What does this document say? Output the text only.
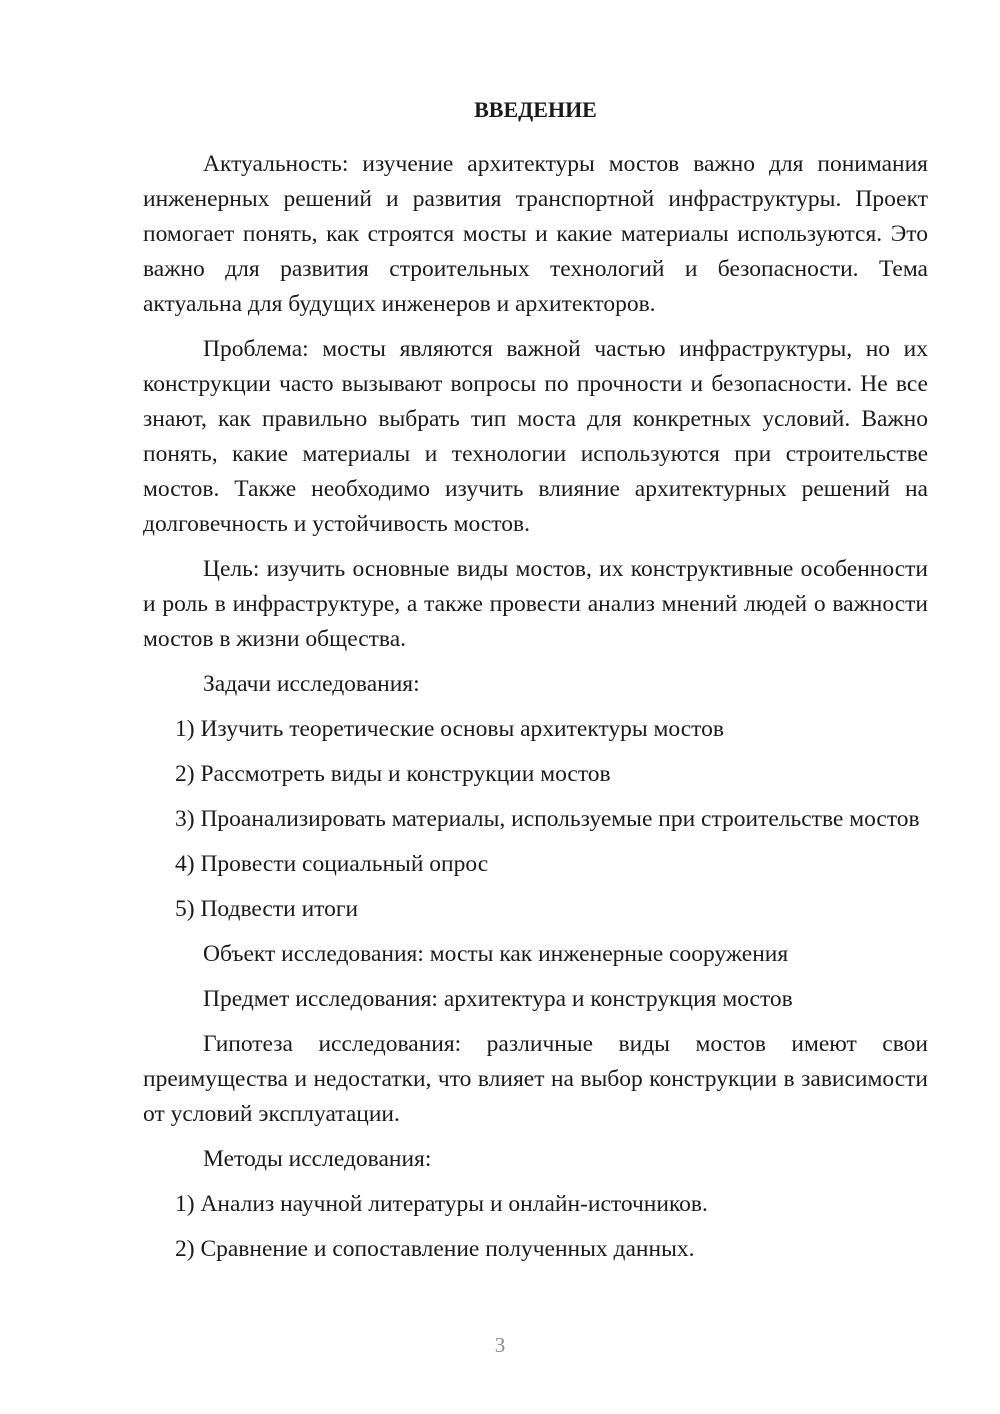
ВВЕДЕНИЕ

Актуальность: изучение архитектуры мостов важно для понимания инженерных решений и развития транспортной инфраструктуры. Проект помогает понять, как строятся мосты и какие материалы используются. Это важно для развития строительных технологий и безопасности. Тема актуальна для будущих инженеров и архитекторов.

Проблема: мосты являются важной частью инфраструктуры, но их конструкции часто вызывают вопросы по прочности и безопасности. Не все знают, как правильно выбрать тип моста для конкретных условий. Важно понять, какие материалы и технологии используются при строительстве мостов. Также необходимо изучить влияние архитектурных решений на долговечность и устойчивость мостов.

Цель: изучить основные виды мостов, их конструктивные особенности и роль в инфраструктуре, а также провести анализ мнений людей о важности мостов в жизни общества.

Задачи исследования:

1) Изучить теоретические основы архитектуры мостов

2) Рассмотреть виды и конструкции мостов

3) Проанализировать материалы, используемые при строительстве мостов

4) Провести социальный опрос

5) Подвести итоги

Объект исследования: мосты как инженерные сооружения

Предмет исследования: архитектура и конструкция мостов

Гипотеза исследования: различные виды мостов имеют свои преимущества и недостатки, что влияет на выбор конструкции в зависимости от условий эксплуатации.

Методы исследования:

1) Анализ научной литературы и онлайн-источников.

2) Сравнение и сопоставление полученных данных.

3
